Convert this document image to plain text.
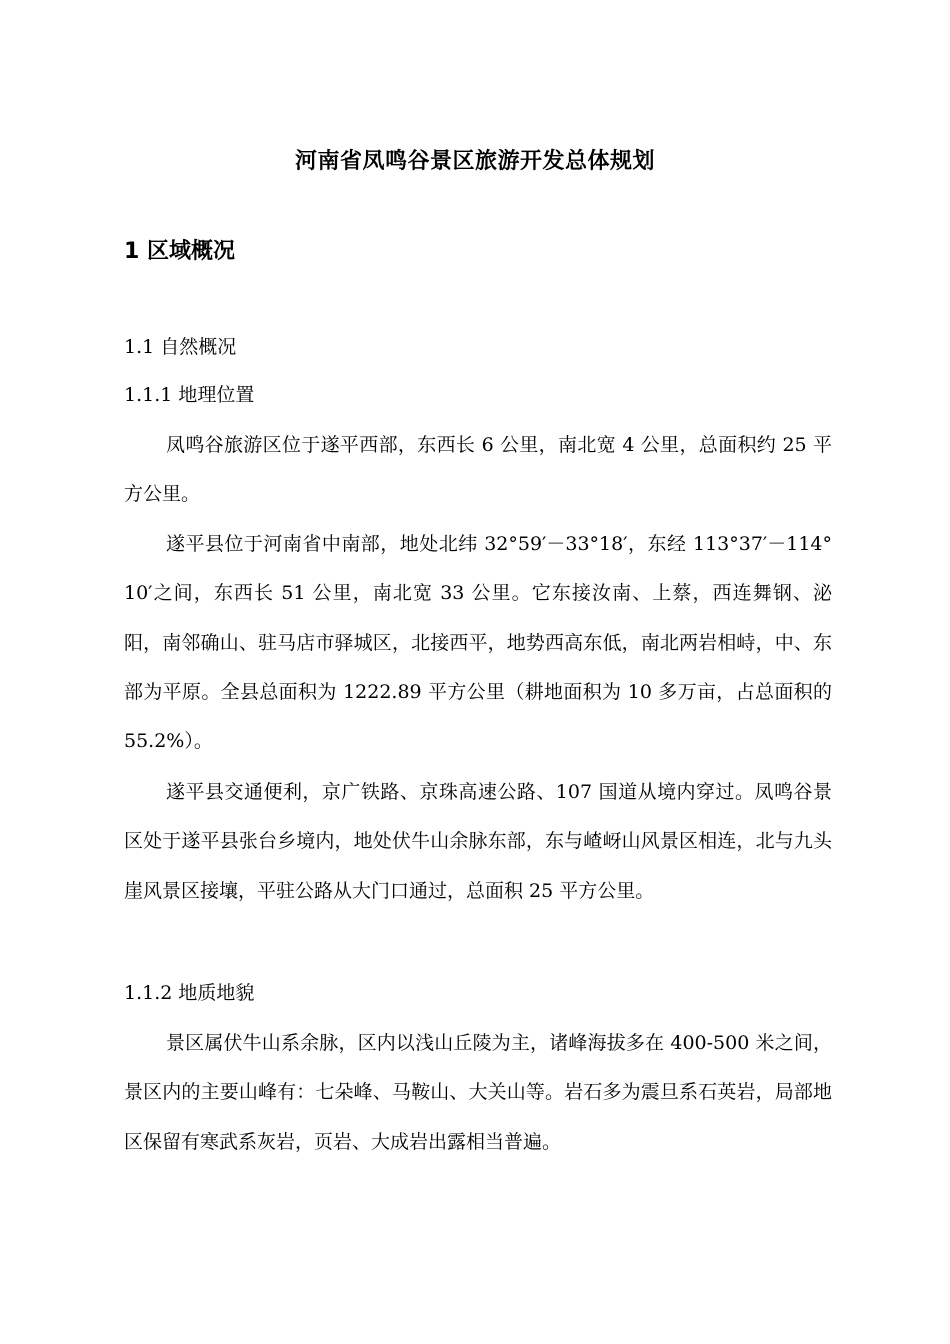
河南省凤鸣谷景区旅游开发总体规划
1 区域概况
1.1 自然概况
1.1.1 地理位置

凤鸣谷旅游区位于遂平西部，东西长 6 公里，南北宽 4 公里，总面积约 25 平方公里。

遂平县位于河南省中南部，地处北纬 32°59′－33°18′，东经 113°37′－114°10′之间，东西长 51 公里，南北宽 33 公里。它东接汝南、上蔡，西连舞钢、泌阳，南邻确山、驻马店市驿城区，北接西平，地势西高东低，南北两岩相峙，中、东部为平原。全县总面积为 1222.89 平方公里（耕地面积为 10 多万亩，占总面积的 55.2%）。

遂平县交通便利，京广铁路、京珠高速公路、107 国道从境内穿过。凤鸣谷景区处于遂平县张台乡境内，地处伏牛山余脉东部，东与嵖岈山风景区相连，北与九头崖风景区接壤，平驻公路从大门口通过，总面积 25 平方公里。

1.1.2 地质地貌

景区属伏牛山系余脉，区内以浅山丘陵为主，诸峰海拔多在 400-500 米之间，景区内的主要山峰有：七朵峰、马鞍山、大关山等。岩石多为震旦系石英岩，局部地区保留有寒武系灰岩，页岩、大成岩出露相当普遍。
